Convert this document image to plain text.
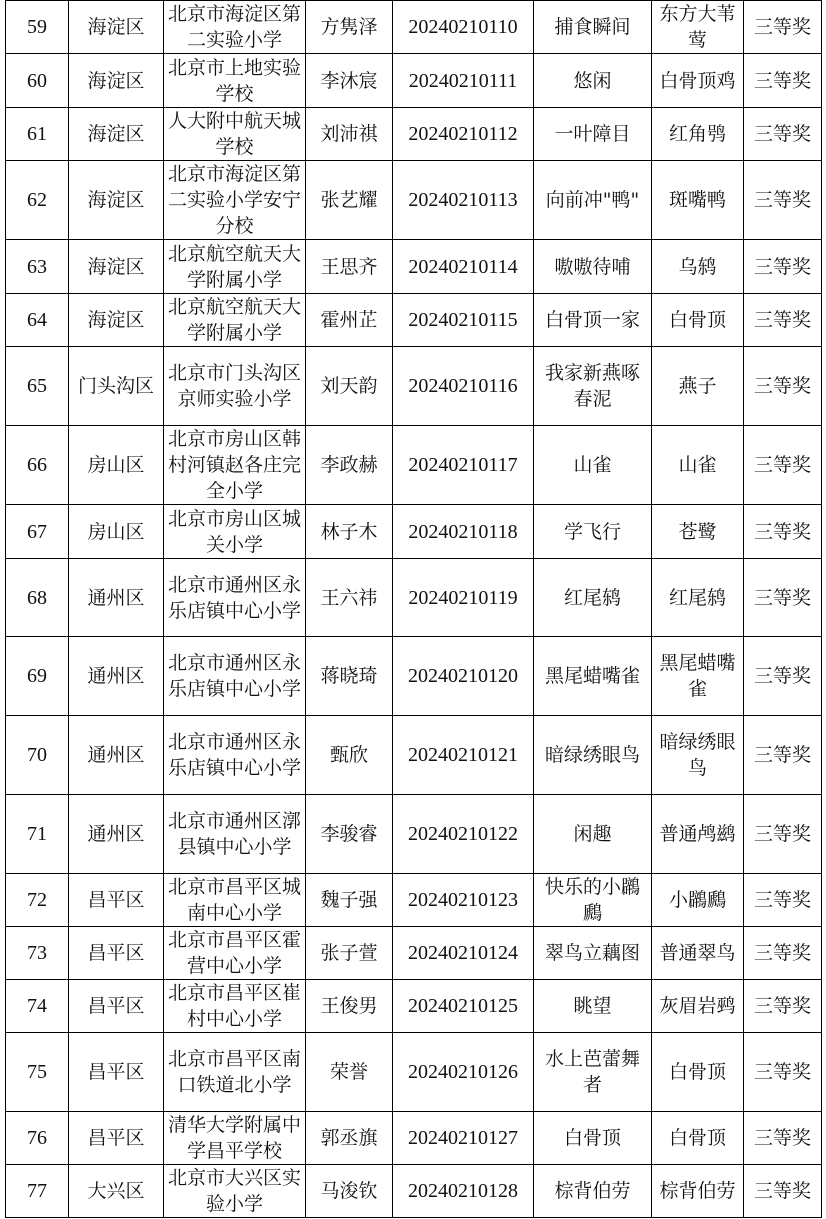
59	海淀区	北京市海淀区第二实验小学	方隽泽	20240210110	捕食瞬间	东方大苇莺	三等奖
60	海淀区	北京市上地实验学校	李沐宸	20240210111	悠闲	白骨顶鸡	三等奖
61	海淀区	人大附中航天城学校	刘沛祺	20240210112	一叶障目	红角鸮	三等奖
62	海淀区	北京市海淀区第二实验小学安宁分校	张艺耀	20240210113	向前冲"鸭"	斑嘴鸭	三等奖
63	海淀区	北京航空航天大学附属小学	王思齐	20240210114	嗷嗷待哺	乌鸫	三等奖
64	海淀区	北京航空航天大学附属小学	霍州芷	20240210115	白骨顶一家	白骨顶	三等奖
65	门头沟区	北京市门头沟区京师实验小学	刘天韵	20240210116	我家新燕啄春泥	燕子	三等奖
66	房山区	北京市房山区韩村河镇赵各庄完全小学	李政赫	20240210117	山雀	山雀	三等奖
67	房山区	北京市房山区城关小学	林子木	20240210118	学飞行	苍鹭	三等奖
68	通州区	北京市通州区永乐店镇中心小学	王六祎	20240210119	红尾鸫	红尾鸫	三等奖
69	通州区	北京市通州区永乐店镇中心小学	蒋晓琦	20240210120	黑尾蜡嘴雀	黑尾蜡嘴雀	三等奖
70	通州区	北京市通州区永乐店镇中心小学	甄欣	20240210121	暗绿绣眼鸟	暗绿绣眼鸟	三等奖
71	通州区	北京市通州区漷县镇中心小学	李骏睿	20240210122	闲趣	普通鸬鹚	三等奖
72	昌平区	北京市昌平区城南中心小学	魏子强	20240210123	快乐的小鸊鷉	小鸊鷉	三等奖
73	昌平区	北京市昌平区霍营中心小学	张子萱	20240210124	翠鸟立藕图	普通翠鸟	三等奖
74	昌平区	北京市昌平区崔村中心小学	王俊男	20240210125	眺望	灰眉岩鹀	三等奖
75	昌平区	北京市昌平区南口铁道北小学	荣誉	20240210126	水上芭蕾舞者	白骨顶	三等奖
76	昌平区	清华大学附属中学昌平学校	郭丞旗	20240210127	白骨顶	白骨顶	三等奖
77	大兴区	北京市大兴区实验小学	马浚钦	20240210128	棕背伯劳	棕背伯劳	三等奖
